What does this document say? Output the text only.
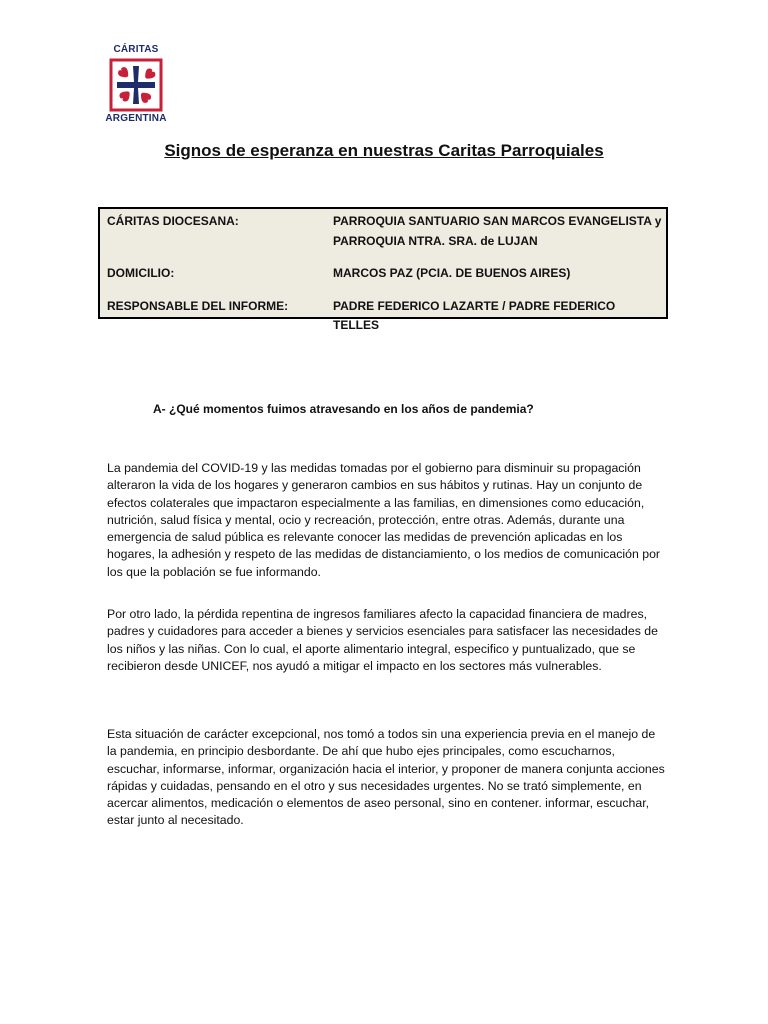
CÁRITAS
ARGENTINA
Signos de esperanza en nuestras Caritas Parroquiales
CÁRITAS DIOCESANA:	PARROQUIA SANTUARIO SAN MARCOS EVANGELISTA y
PARROQUIA NTRA. SRA. de LUJAN
DOMICILIO:	MARCOS PAZ (PCIA. DE BUENOS AIRES)
RESPONSABLE DEL INFORME:	PADRE FEDERICO LAZARTE / PADRE FEDERICO TELLES
A- ¿Qué momentos fuimos atravesando en los años de pandemia?
La pandemia del COVID-19 y las medidas tomadas por el gobierno para disminuir su propagación alteraron la vida de los hogares y generaron cambios en sus hábitos y rutinas. Hay un conjunto de efectos colaterales que impactaron especialmente a las familias, en dimensiones como educación, nutrición, salud física y mental, ocio y recreación, protección, entre otras. Además, durante una emergencia de salud pública es relevante conocer las medidas de prevención aplicadas en los hogares, la adhesión y respeto de las medidas de distanciamiento, o los medios de comunicación por los que la población se fue informando.
Por otro lado, la pérdida repentina de ingresos familiares afecto la capacidad financiera de madres, padres y cuidadores para acceder a bienes y servicios esenciales para satisfacer las necesidades de los niños y las niñas. Con lo cual, el aporte alimentario integral, especifico y puntualizado, que se recibieron desde UNICEF, nos ayudó a mitigar el impacto en los sectores más vulnerables.
Esta situación de carácter excepcional, nos tomó a todos sin una experiencia previa en el manejo de la pandemia, en principio desbordante. De ahí que hubo ejes principales, como escucharnos, escuchar, informarse, informar, organización hacia el interior, y proponer de manera conjunta acciones rápidas y cuidadas, pensando en el otro y sus necesidades urgentes. No se trató simplemente, en acercar alimentos, medicación o elementos de aseo personal, sino en contener. informar, escuchar, estar junto al necesitado.
